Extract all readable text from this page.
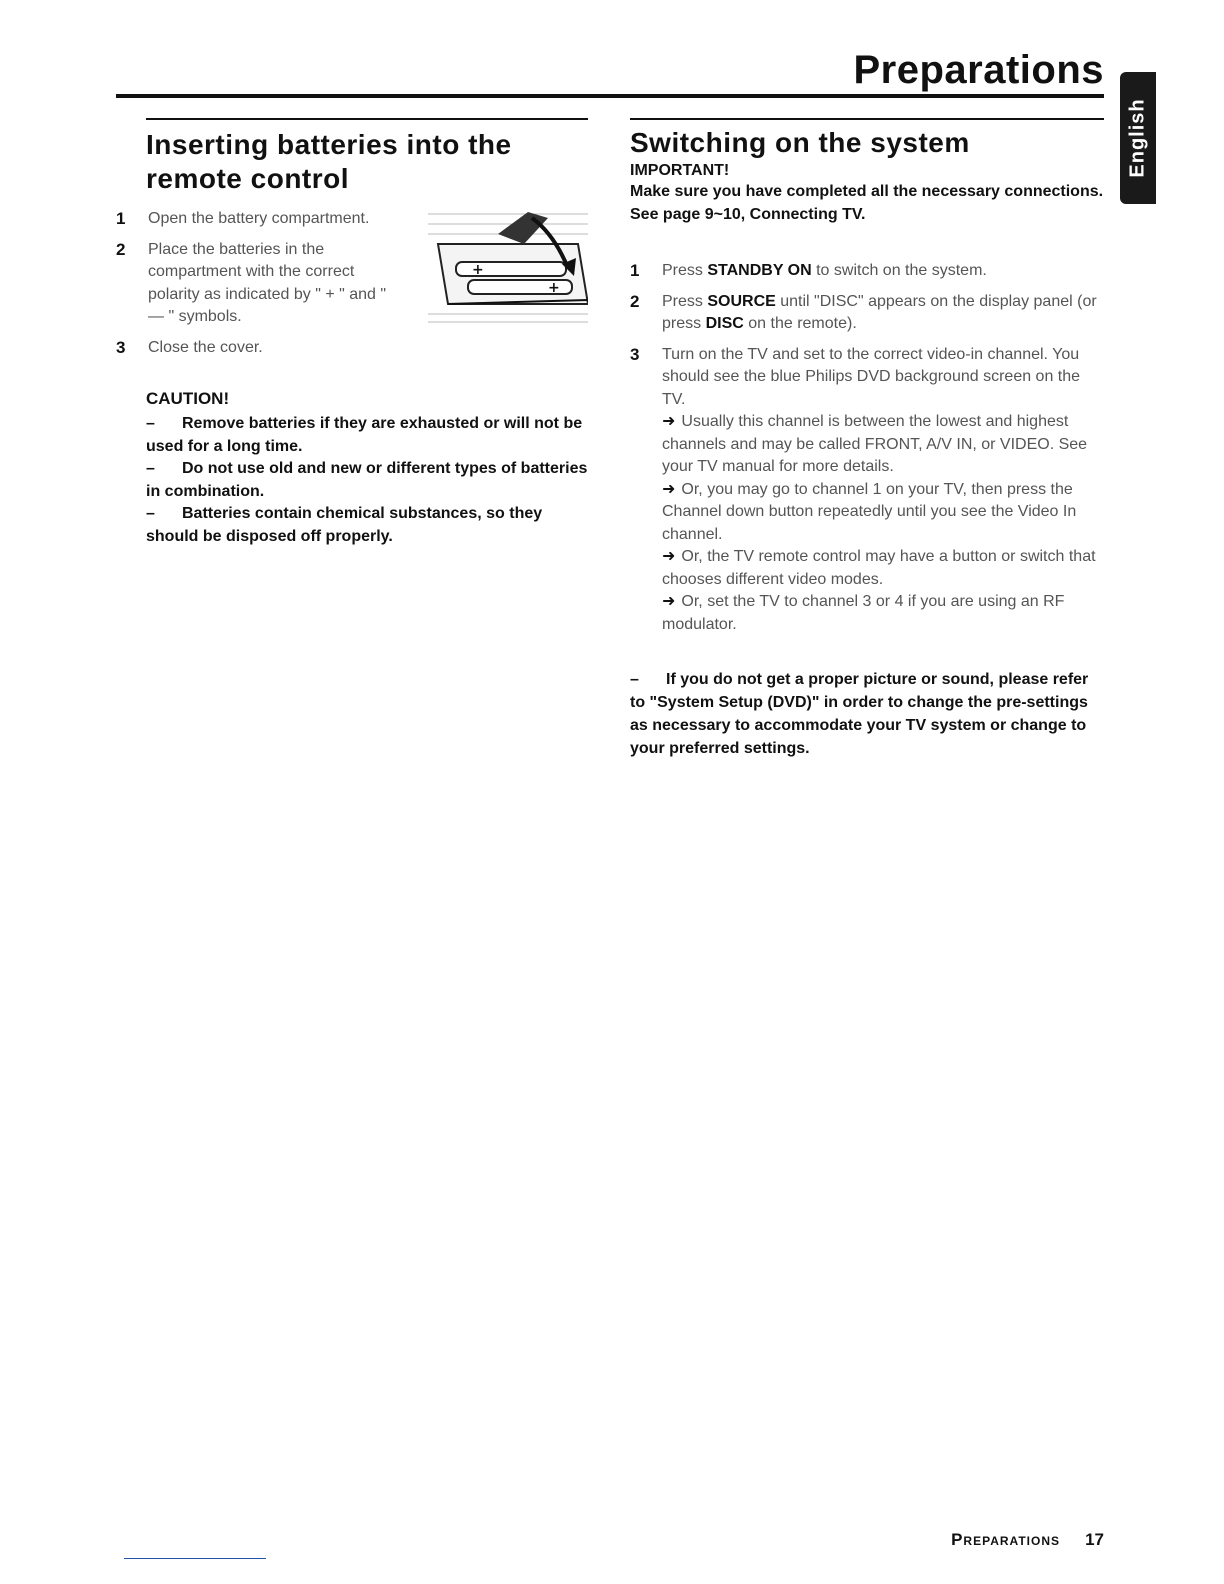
Preparations
English
Inserting batteries into the remote control
+
+
1 Open the battery compartment.
2 Place the batteries in the compartment with the correct polarity as indicated by " + " and " — " symbols.
3 Close the cover.
CAUTION!
– Remove batteries if they are exhausted or will not be used for a long time.
– Do not use old and new or different types of batteries in combination.
– Batteries contain chemical substances, so they should be disposed off properly.
Switching on the system
IMPORTANT!
Make sure you have completed all the necessary connections. See page 9~10, Connecting TV.
1 Press STANDBY ON to switch on the system.
2 Press SOURCE until "DISC" appears on the display panel (or press DISC on the remote).
3 Turn on the TV and set to the correct video-in channel. You should see the blue Philips DVD background screen on the TV.
➜ Usually this channel is between the lowest and highest channels and may be called FRONT, A/V IN, or VIDEO. See your TV manual for more details.
➜ Or, you may go to channel 1 on your TV, then press the Channel down button repeatedly until you see the Video In channel.
➜ Or, the TV remote control may have a button or switch that chooses different video modes.
➜ Or, set the TV to channel 3 or 4 if you are using an RF modulator.
– If you do not get a proper picture or sound, please refer to "System Setup (DVD)" in order to change the pre-settings as necessary to accommodate your TV system or change to your preferred settings.
Preparations 17
